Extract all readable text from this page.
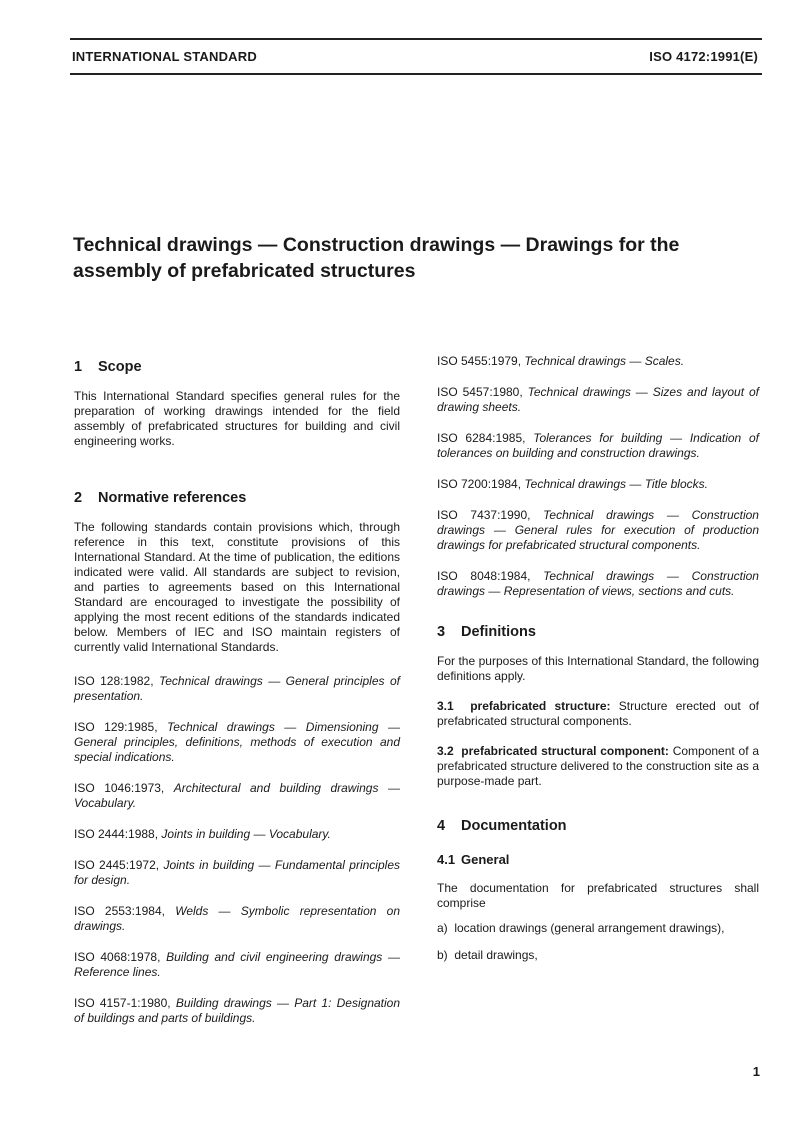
INTERNATIONAL STANDARD	ISO 4172:1991(E)
Technical drawings — Construction drawings — Drawings for the assembly of prefabricated structures
1 Scope

This International Standard specifies general rules for the preparation of working drawings intended for the field assembly of prefabricated structures for building and civil engineering works.

2 Normative references

The following standards contain provisions which, through reference in this text, constitute provisions of this International Standard. At the time of publication, the editions indicated were valid. All standards are subject to revision, and parties to agreements based on this International Standard are encouraged to investigate the possibility of applying the most recent editions of the standards indicated below. Members of IEC and ISO maintain registers of currently valid International Standards.

ISO 128:1982, Technical drawings — General principles of presentation.

ISO 129:1985, Technical drawings — Dimensioning — General principles, definitions, methods of execution and special indications.

ISO 1046:1973, Architectural and building drawings — Vocabulary.

ISO 2444:1988, Joints in building — Vocabulary.

ISO 2445:1972, Joints in building — Fundamental principles for design.

ISO 2553:1984, Welds — Symbolic representation on drawings.

ISO 4068:1978, Building and civil engineering drawings — Reference lines.

ISO 4157-1:1980, Building drawings — Part 1: Designation of buildings and parts of buildings.

ISO 5455:1979, Technical drawings — Scales.

ISO 5457:1980, Technical drawings — Sizes and layout of drawing sheets.

ISO 6284:1985, Tolerances for building — Indication of tolerances on building and construction drawings.

ISO 7200:1984, Technical drawings — Title blocks.

ISO 7437:1990, Technical drawings — Construction drawings — General rules for execution of production drawings for prefabricated structural components.

ISO 8048:1984, Technical drawings — Construction drawings — Representation of views, sections and cuts.

3 Definitions

For the purposes of this International Standard, the following definitions apply.

3.1 prefabricated structure: Structure erected out of prefabricated structural components.

3.2 prefabricated structural component: Component of a prefabricated structure delivered to the construction site as a purpose-made part.

4 Documentation
4.1 General

The documentation for prefabricated structures shall comprise

a) location drawings (general arrangement drawings),

b) detail drawings,

1
